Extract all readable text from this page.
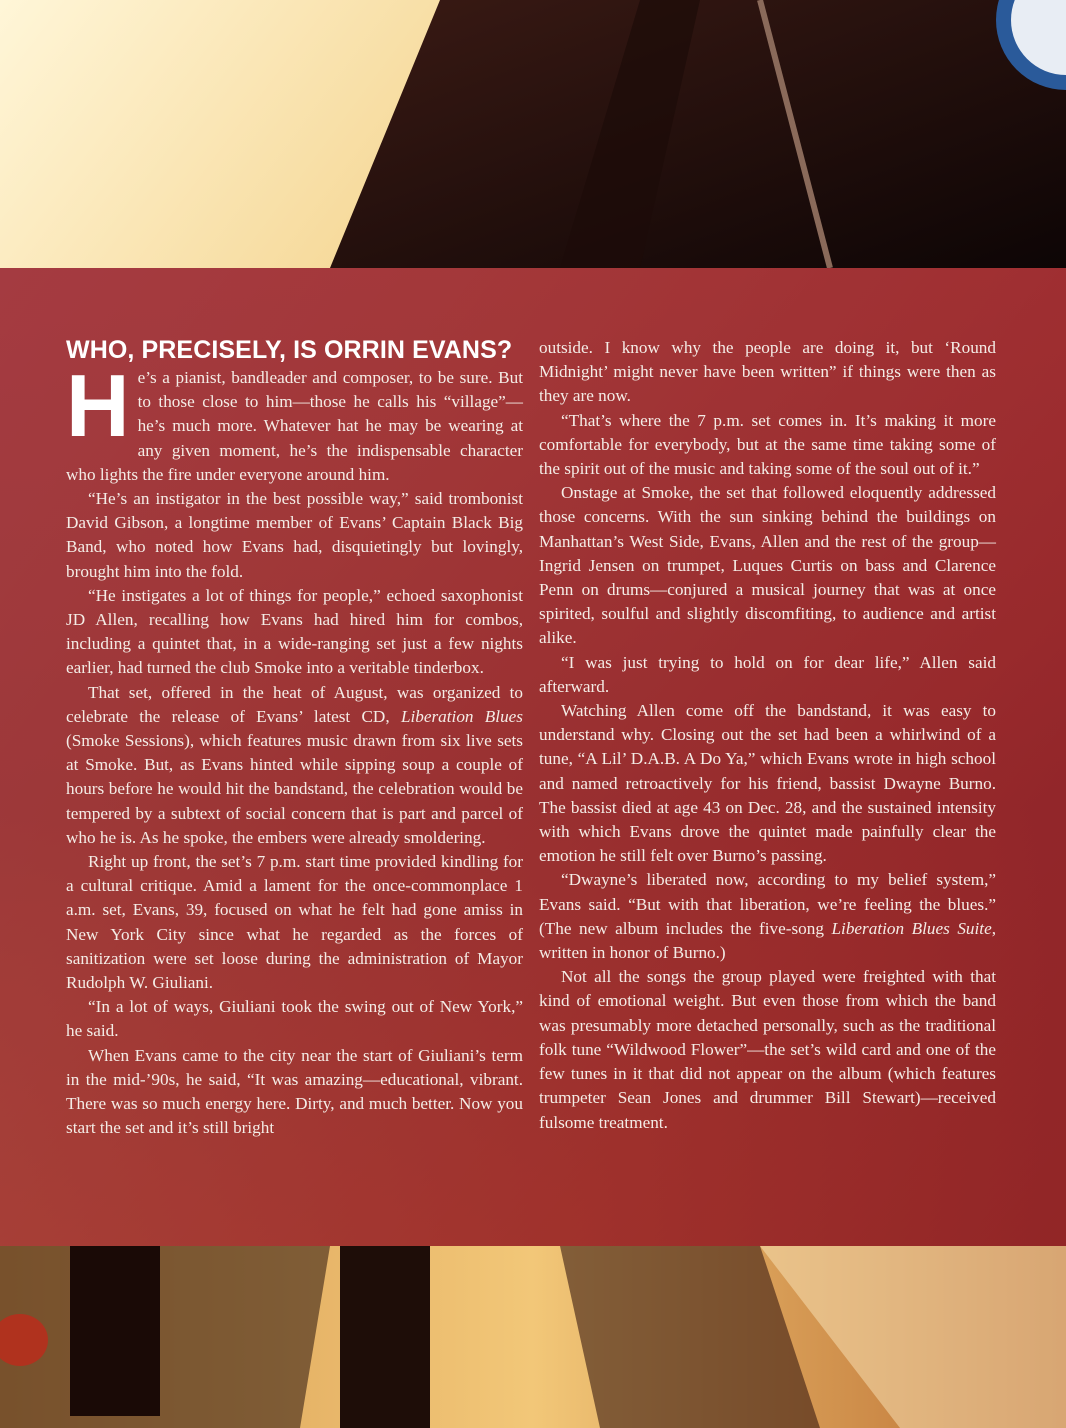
WHO, PRECISELY, IS ORRIN EVANS?

He’s a pianist, bandleader and composer, to be sure. But to those close to him—those he calls his “village”—he’s much more. Whatever hat he may be wearing at any given moment, he’s the indispensable character who lights the fire under everyone around him.

“He’s an instigator in the best possible way,” said trombonist David Gibson, a longtime member of Evans’ Captain Black Big Band, who noted how Evans had, disquietingly but lovingly, brought him into the fold.

“He instigates a lot of things for people,” echoed saxophonist JD Allen, recalling how Evans had hired him for combos, including a quintet that, in a wide-ranging set just a few nights earlier, had turned the club Smoke into a veritable tinderbox.

That set, offered in the heat of August, was organized to celebrate the release of Evans’ latest CD, Liberation Blues (Smoke Sessions), which features music drawn from six live sets at Smoke. But, as Evans hinted while sipping soup a couple of hours before he would hit the bandstand, the celebration would be tempered by a subtext of social concern that is part and parcel of who he is. As he spoke, the embers were already smoldering.

Right up front, the set’s 7 p.m. start time provided kindling for a cultural critique. Amid a lament for the once-commonplace 1 a.m. set, Evans, 39, focused on what he felt had gone amiss in New York City since what he regarded as the forces of sanitization were set loose during the administration of Mayor Rudolph W. Giuliani.

“In a lot of ways, Giuliani took the swing out of New York,” he said.

When Evans came to the city near the start of Giuliani’s term in the mid-’90s, he said, “It was amazing—educational, vibrant. There was so much energy here. Dirty, and much better. Now you start the set and it’s still bright

outside. I know why the people are doing it, but ‘Round Midnight’ might never have been written” if things were then as they are now.

“That’s where the 7 p.m. set comes in. It’s making it more comfortable for everybody, but at the same time taking some of the spirit out of the music and taking some of the soul out of it.”

Onstage at Smoke, the set that followed eloquently addressed those concerns. With the sun sinking behind the buildings on Manhattan’s West Side, Evans, Allen and the rest of the group—Ingrid Jensen on trumpet, Luques Curtis on bass and Clarence Penn on drums—conjured a musical journey that was at once spirited, soulful and slightly discomfiting, to audience and artist alike.

“I was just trying to hold on for dear life,” Allen said afterward.

Watching Allen come off the bandstand, it was easy to understand why. Closing out the set had been a whirlwind of a tune, “A Lil’ D.A.B. A Do Ya,” which Evans wrote in high school and named retroactively for his friend, bassist Dwayne Burno. The bassist died at age 43 on Dec. 28, and the sustained intensity with which Evans drove the quintet made painfully clear the emotion he still felt over Burno’s passing.

“Dwayne’s liberated now, according to my belief system,” Evans said. “But with that liberation, we’re feeling the blues.” (The new album includes the five-song Liberation Blues Suite, written in honor of Burno.)

Not all the songs the group played were freighted with that kind of emotional weight. But even those from which the band was presumably more detached personally, such as the traditional folk tune “Wildwood Flower”—the set’s wild card and one of the few tunes in it that did not appear on the album (which features trumpeter Sean Jones and drummer Bill Stewart)—received fulsome treatment.
